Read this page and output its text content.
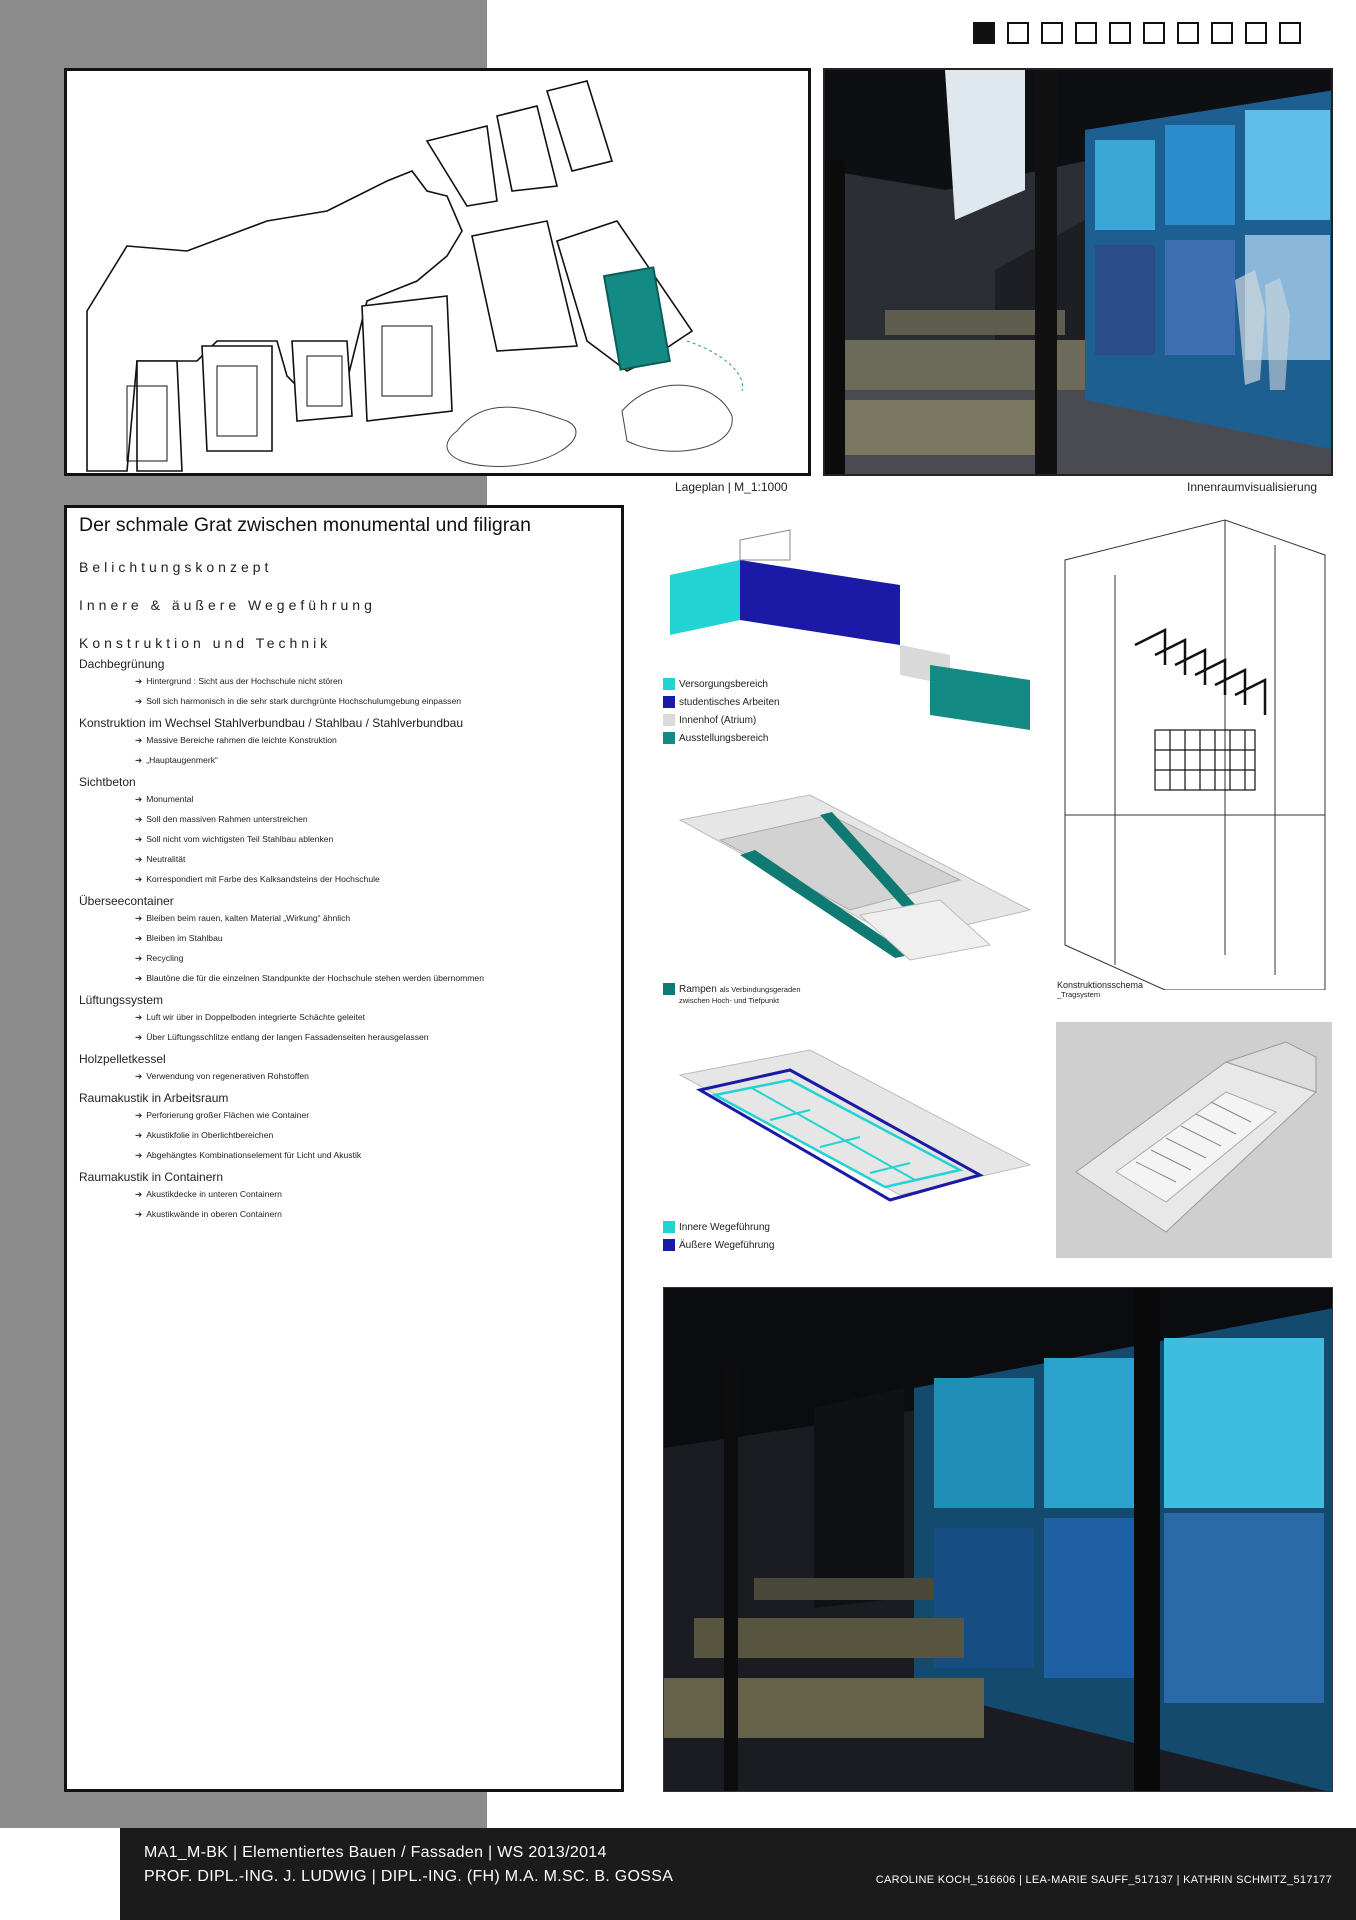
Lageplan | M_1:1000	Innenraumvisualisierung
Der schmale Grat zwischen monumental und filigran

Belichtungskonzept

Innere & äußere Wegeführung

Konstruktion und Technik
Dachbegrünung
➔ Hintergrund : Sicht aus der Hochschule nicht stören
➔ Soll sich harmonisch in die sehr stark durchgrünte Hochschulumgebung einpassen
Konstruktion im Wechsel Stahlverbundbau / Stahlbau / Stahlverbundbau
➔ Massive Bereiche rahmen die leichte Konstruktion
➔ „Hauptaugenmerk“
Sichtbeton
➔ Monumental
➔ Soll den massiven Rahmen unterstreichen
➔ Soll nicht vom wichtigsten Teil Stahlbau ablenken
➔ Neutralität
➔ Korrespondiert mit Farbe des Kalksandsteins der Hochschule
Überseecontainer
➔ Bleiben beim rauen, kalten Material „Wirkung“ ähnlich
➔ Bleiben im Stahlbau
➔ Recycling
➔ Blautöne die für die einzelnen Standpunkte der Hochschule stehen werden übernommen
Lüftungssystem
➔ Luft wir über in Doppelboden integrierte Schächte geleitet
➔ Über Lüftungsschlitze entlang der langen Fassadenseiten herausgelassen
Holzpelletkessel
➔ Verwendung von regenerativen Rohstoffen
Raumakustik in Arbeitsraum
➔ Perforierung großer Flächen wie Container
➔ Akustikfolie in Oberlichtbereichen
➔ Abgehängtes Kombinationselement für Licht und Akustik
Raumakustik in Containern
➔ Akustikdecke in unteren Containern
➔ Akustikwände in oberen Containern
Versorgungsbereich
studentisches Arbeiten
Innenhof (Atrium)
Ausstellungsbereich
Rampen
als Verbindungsgeraden
zwischen Hoch- und Tiefpunkt
Innere Wegeführung
Äußere Wegeführung
Konstruktionsschema
_Tragsystem
MA1_M-BK | Elementiertes Bauen / Fassaden | WS 2013/2014
PROF. DIPL.-ING. J. LUDWIG | DIPL.-ING. (FH) M.A. M.SC. B. GOSSA	CAROLINE KOCH_516606 | LEA-MARIE SAUFF_517137 | KATHRIN SCHMITZ_517177
